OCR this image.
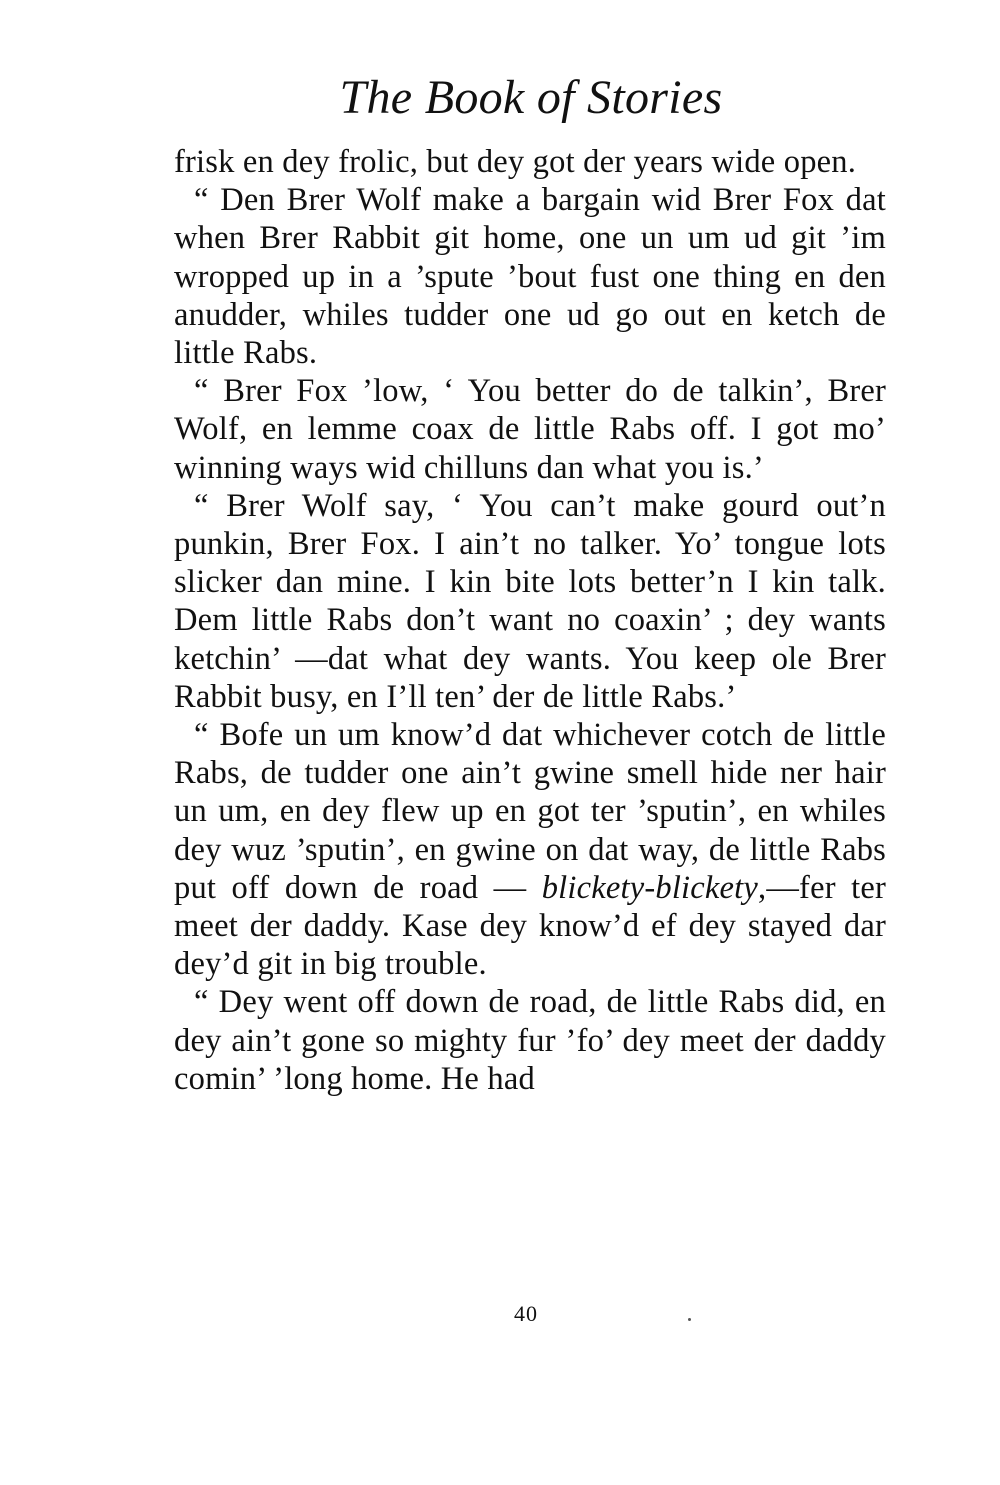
The Book of Stories

frisk en dey frolic, but dey got der years wide open.

“ Den Brer Wolf make a bargain wid Brer Fox dat when Brer Rabbit git home, one un um ud git ’im wropped up in a ’spute ’bout fust one thing en den anudder, whiles tudder one ud go out en ketch de little Rabs.

“ Brer Fox ’low, ‘ You better do de talkin’, Brer Wolf, en lemme coax de little Rabs off. I got mo’ winning ways wid chilluns dan what you is.’

“ Brer Wolf say, ‘ You can’t make gourd out’n punkin, Brer Fox. I ain’t no talker. Yo’ tongue lots slicker dan mine. I kin bite lots better’n I kin talk. Dem little Rabs don’t want no coaxin’ ; dey wants ketchin’ —dat what dey wants. You keep ole Brer Rabbit busy, en I’ll ten’ der de little Rabs.’

“ Bofe un um know’d dat whichever cotch de little Rabs, de tudder one ain’t gwine smell hide ner hair un um, en dey flew up en got ter ’sputin’, en whiles dey wuz ’sputin’, en gwine on dat way, de little Rabs put off down de road — blickety-blickety,—fer ter meet der daddy. Kase dey know’d ef dey stayed dar dey’d git in big trouble.

“ Dey went off down de road, de little Rabs did, en dey ain’t gone so mighty fur ’fo’ dey meet der daddy comin’ ’long home. He had

40
